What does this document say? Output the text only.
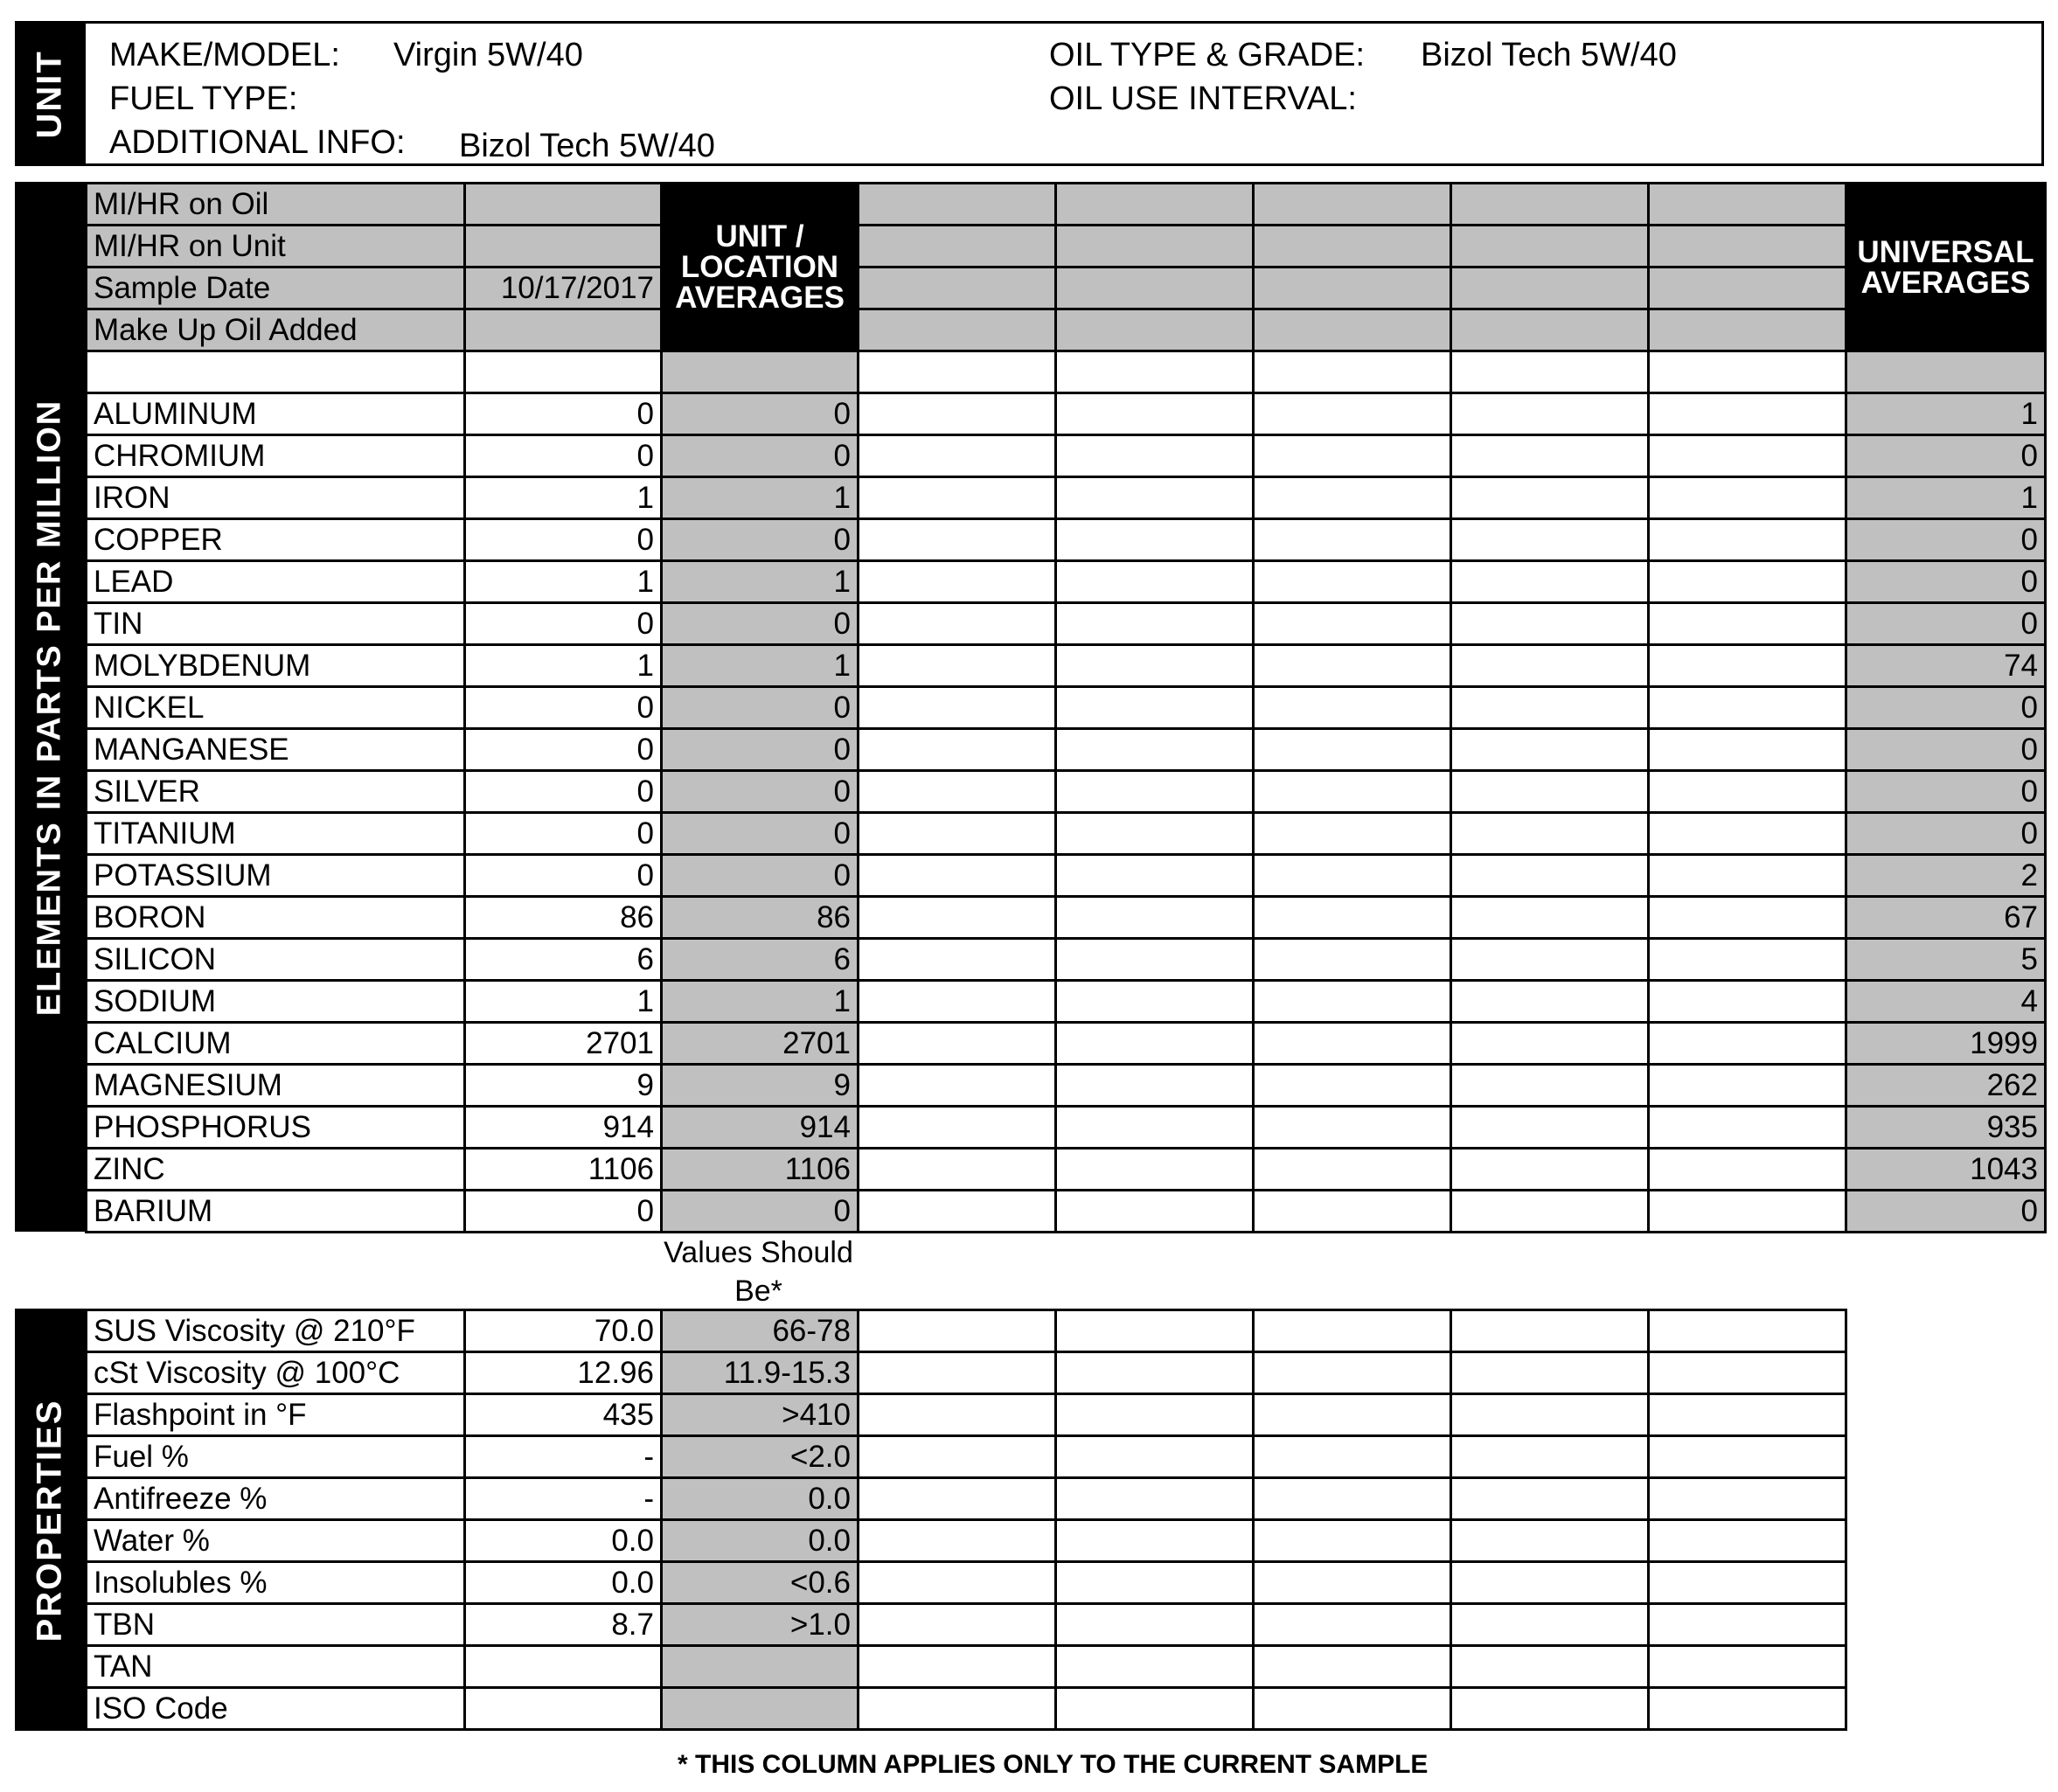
UNIT MAKE/MODEL: Virgin 5W/40
FUEL TYPE:
ADDITIONAL INFO: Bizol Tech 5W/40
OIL TYPE & GRADE: Bizol Tech 5W/40
OIL USE INTERVAL:
ELEMENTS IN PARTS PER MILLION
MI/HR on Oil		UNIT / LOCATION AVERAGES						UNIVERSAL AVERAGES
MI/HR on Unit								
Sample Date	10/17/2017							
Make Up Oil Added								

ALUMINUM	0	0						1
CHROMIUM	0	0						0
IRON	1	1						1
COPPER	0	0						0
LEAD	1	1						0
TIN	0	0						0
MOLYBDENUM	1	1						74
NICKEL	0	0						0
MANGANESE	0	0						0
SILVER	0	0						0
TITANIUM	0	0						0
POTASSIUM	0	0						2
BORON	86	86						67
SILICON	6	6						5
SODIUM	1	1						4
CALCIUM	2701	2701						1999
MAGNESIUM	9	9						262
PHOSPHORUS	914	914						935
ZINC	1106	1106						1043
BARIUM	0	0						0
Values Should Be*
PROPERTIES
SUS Viscosity @ 210°F	70.0	66-78					
cSt Viscosity @ 100°C	12.96	11.9-15.3					
Flashpoint in °F	435	>410					
Fuel %	-	<2.0					
Antifreeze %	-	0.0					
Water %	0.0	0.0					
Insolubles %	0.0	<0.6					
TBN	8.7	>1.0					
TAN							
ISO Code							
* THIS COLUMN APPLIES ONLY TO THE CURRENT SAMPLE
